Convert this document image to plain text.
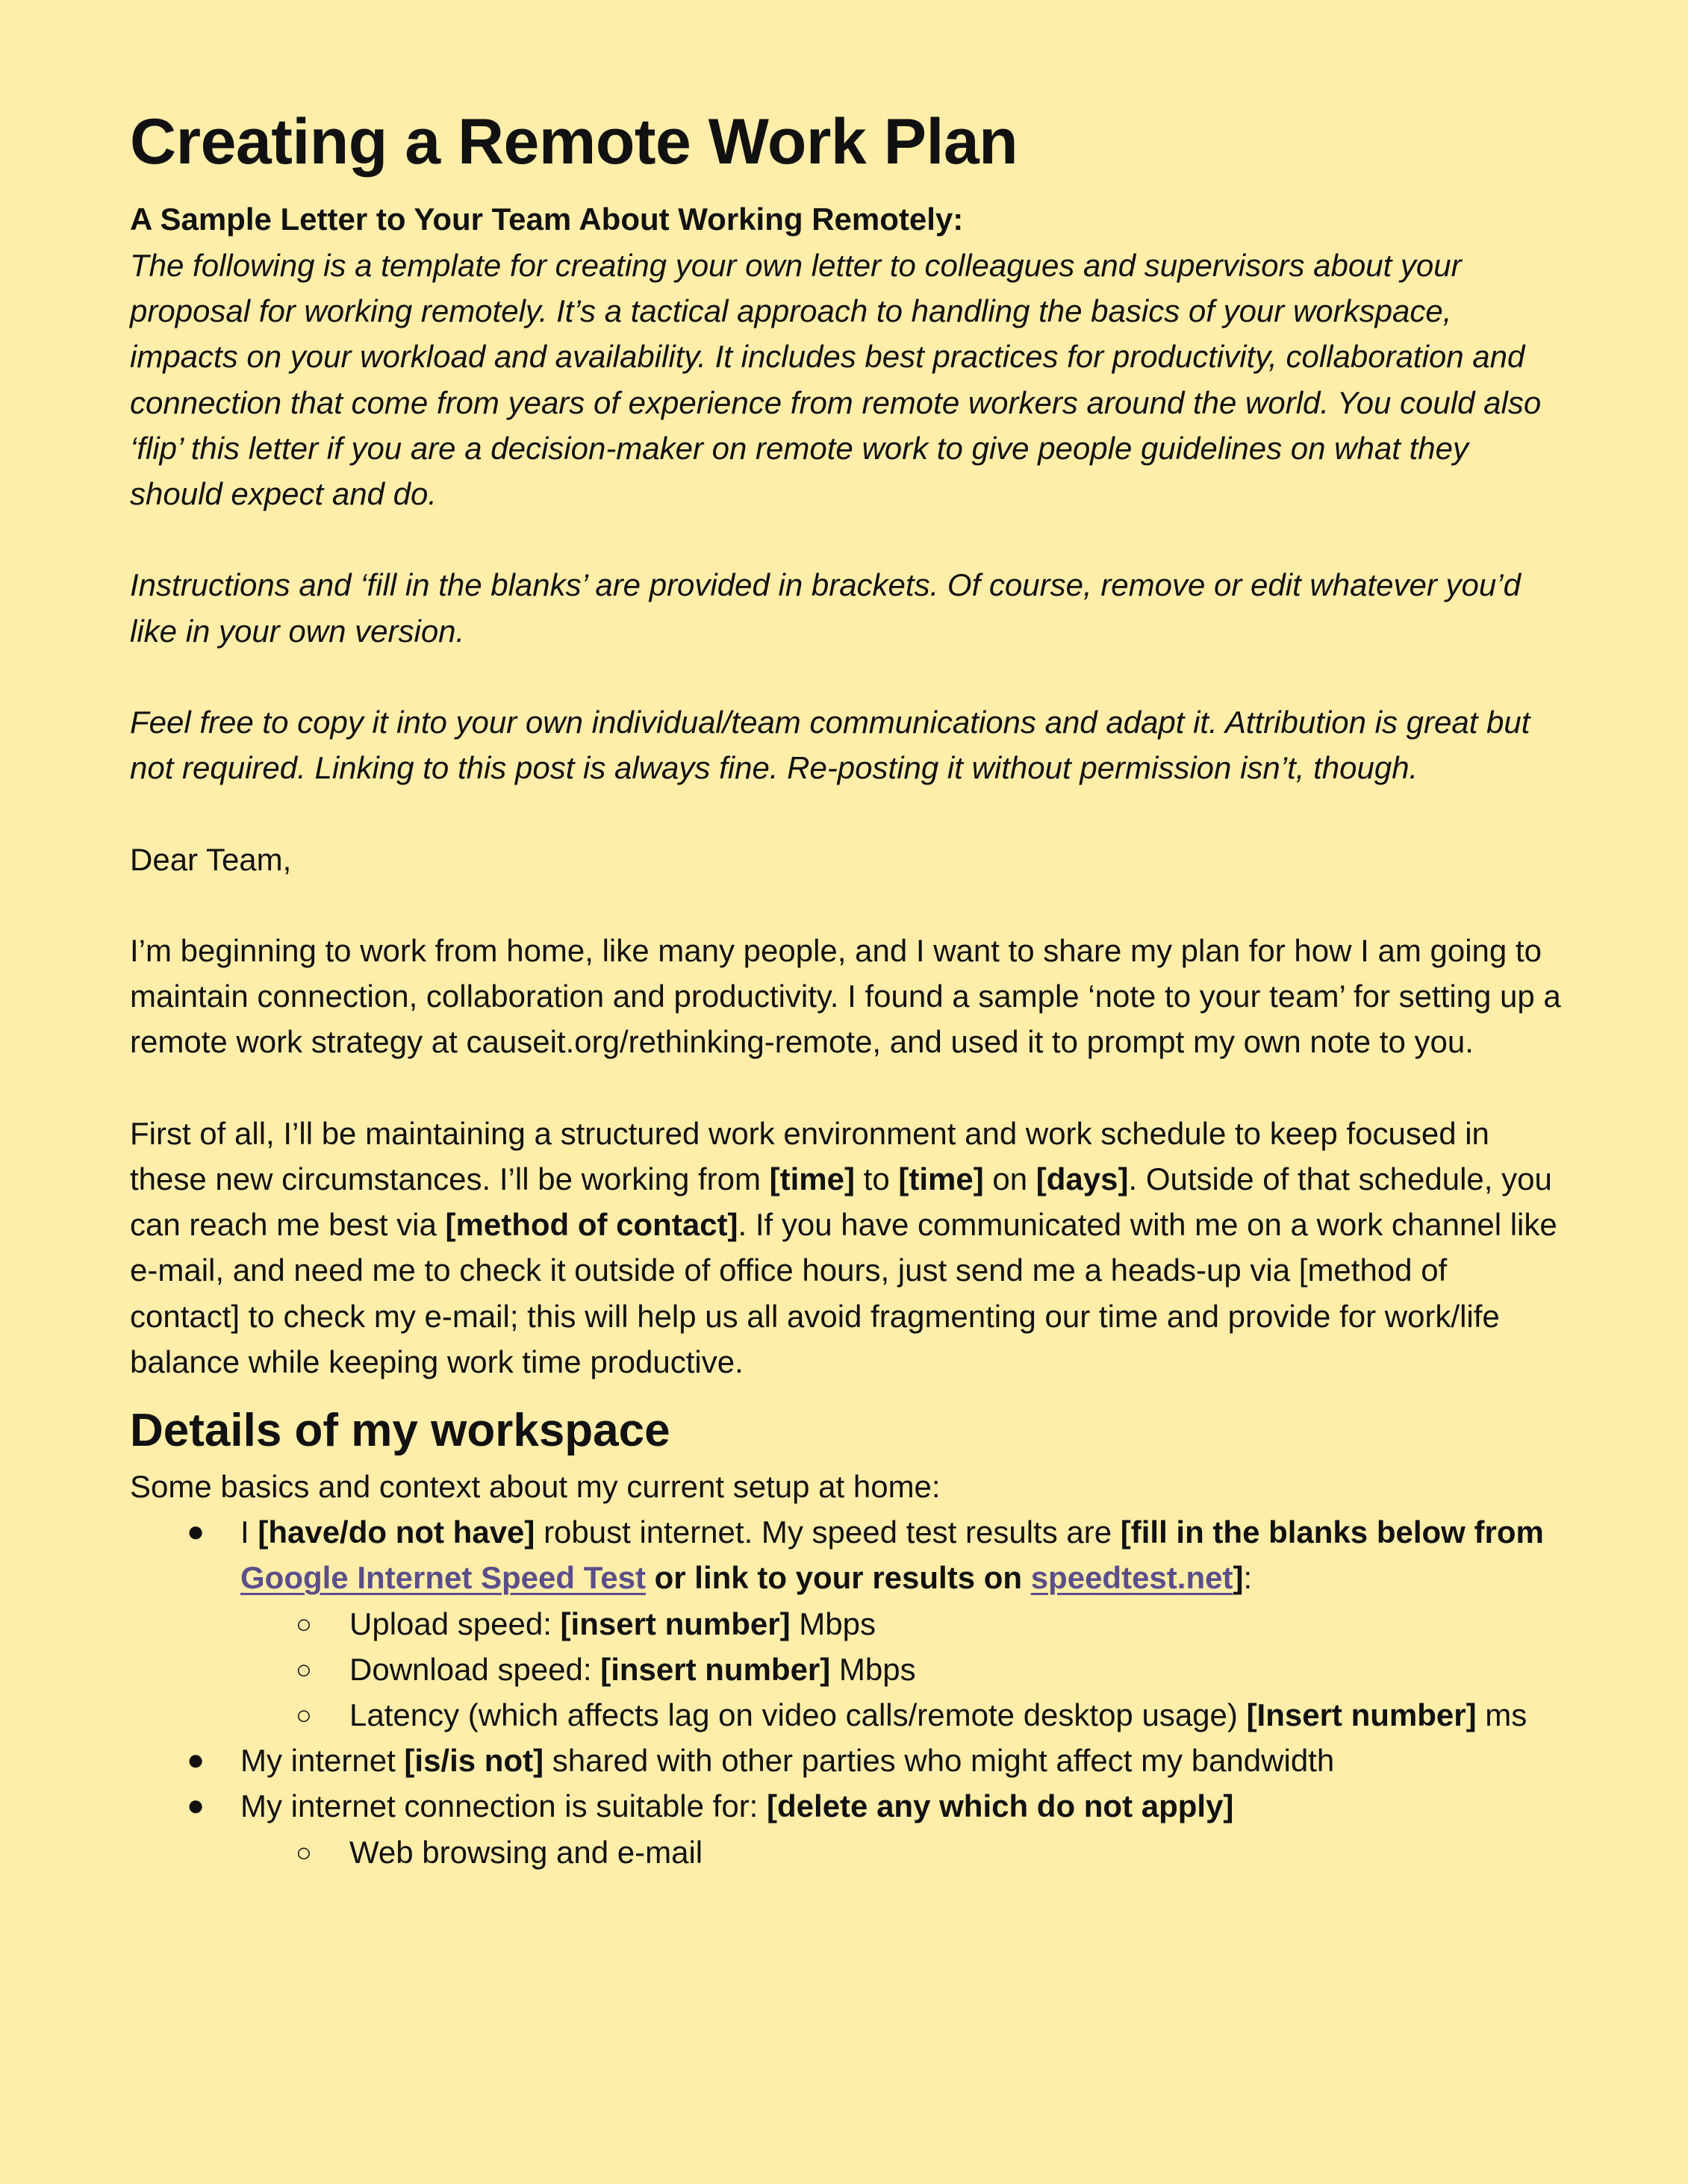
Creating a Remote Work Plan
A Sample Letter to Your Team About Working Remotely:

The following is a template for creating your own letter to colleagues and supervisors about your proposal for working remotely. It’s a tactical approach to handling the basics of your workspace, impacts on your workload and availability. It includes best practices for productivity, collaboration and connection that come from years of experience from remote workers around the world. You could also ‘flip’ this letter if you are a decision-maker on remote work to give people guidelines on what they should expect and do.

Instructions and ‘fill in the blanks’ are provided in brackets. Of course, remove or edit whatever you’d like in your own version.

Feel free to copy it into your own individual/team communications and adapt it. Attribution is great but not required. Linking to this post is always fine. Re-posting it without permission isn’t, though.

Dear Team,

I’m beginning to work from home, like many people, and I want to share my plan for how I am going to maintain connection, collaboration and productivity. I found a sample ‘note to your team’ for setting up a remote work strategy at causeit.org/rethinking-remote, and used it to prompt my own note to you.

First of all, I’ll be maintaining a structured work environment and work schedule to keep focused in these new circumstances. I’ll be working from [time] to [time] on [days]. Outside of that schedule, you can reach me best via [method of contact]. If you have communicated with me on a work channel like e-mail, and need me to check it outside of office hours, just send me a heads-up via [method of contact] to check my e-mail; this will help us all avoid fragmenting our time and provide for work/life balance while keeping work time productive.

Details of my workspace

Some basics and context about my current setup at home:

● I [have/do not have] robust internet. My speed test results are [fill in the blanks below from Google Internet Speed Test or link to your results on speedtest.net]:
○ Upload speed: [insert number] Mbps
○ Download speed: [insert number] Mbps
○ Latency (which affects lag on video calls/remote desktop usage) [Insert number] ms
● My internet [is/is not] shared with other parties who might affect my bandwidth
● My internet connection is suitable for: [delete any which do not apply]
○ Web browsing and e-mail
